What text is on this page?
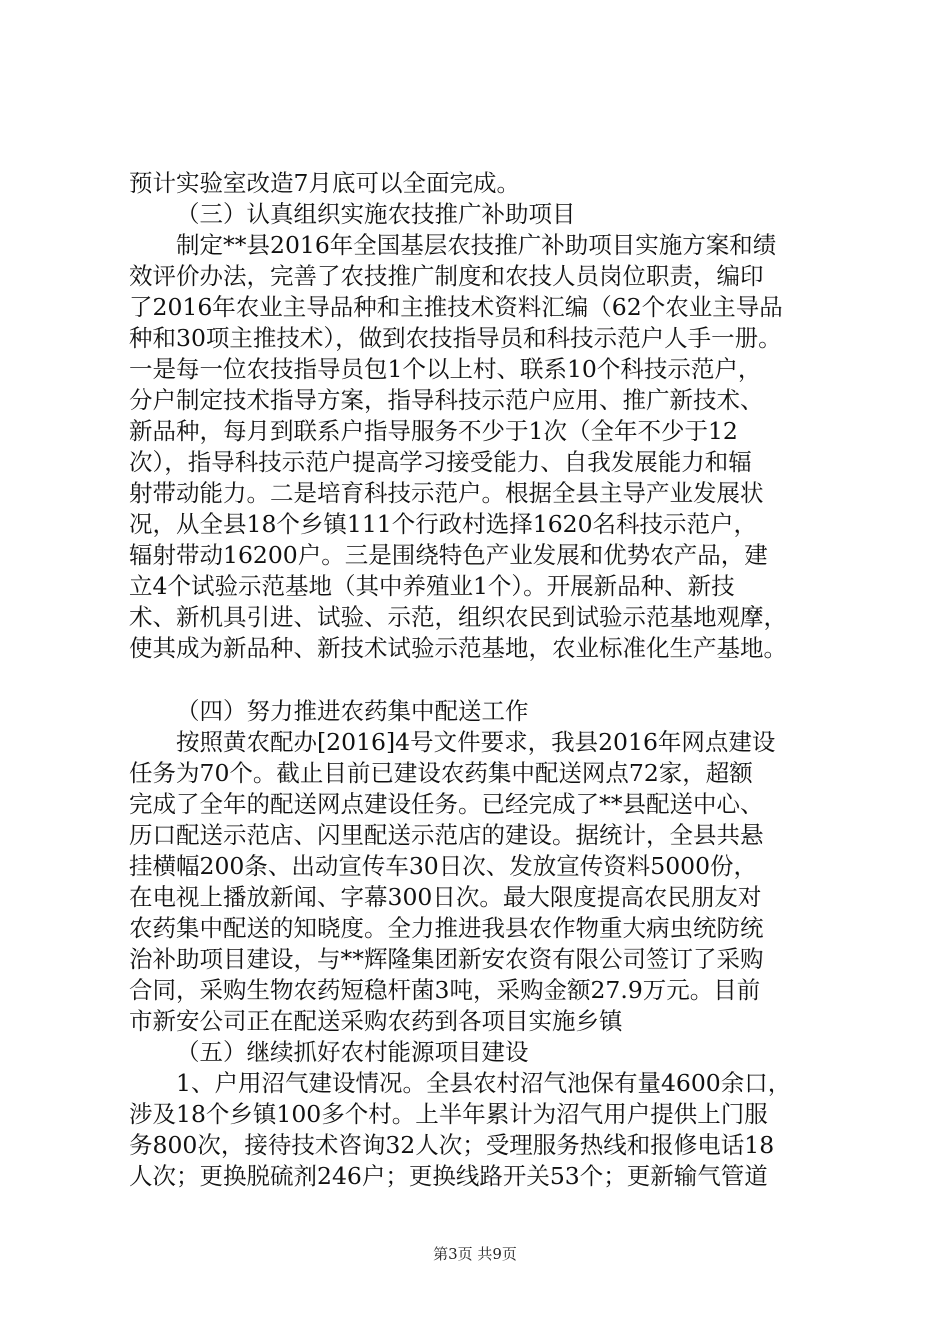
预计实验室改造7月底可以全面完成。
（三）认真组织实施农技推广补助项目
制定**县2016年全国基层农技推广补助项目实施方案和绩
效评价办法，完善了农技推广制度和农技人员岗位职责，编印
了2016年农业主导品种和主推技术资料汇编（62个农业主导品
种和30项主推技术），做到农技指导员和科技示范户人手一册。
一是每一位农技指导员包1个以上村、联系10个科技示范户，
分户制定技术指导方案，指导科技示范户应用、推广新技术、
新品种，每月到联系户指导服务不少于1次（全年不少于12
次），指导科技示范户提高学习接受能力、自我发展能力和辐
射带动能力。二是培育科技示范户。根据全县主导产业发展状
况，从全县18个乡镇111个行政村选择1620名科技示范户，
辐射带动16200户。三是围绕特色产业发展和优势农产品，建
立4个试验示范基地（其中养殖业1个）。开展新品种、新技
术、新机具引进、试验、示范，组织农民到试验示范基地观摩，
使其成为新品种、新技术试验示范基地，农业标准化生产基地。
（四）努力推进农药集中配送工作
按照黄农配办[2016]4号文件要求，我县2016年网点建设
任务为70个。截止目前已建设农药集中配送网点72家，超额
完成了全年的配送网点建设任务。已经完成了**县配送中心、
历口配送示范店、闪里配送示范店的建设。据统计，全县共悬
挂横幅200条、出动宣传车30日次、发放宣传资料5000份，
在电视上播放新闻、字幕300日次。最大限度提高农民朋友对
农药集中配送的知晓度。全力推进我县农作物重大病虫统防统
治补助项目建设，与**辉隆集团新安农资有限公司签订了采购
合同，采购生物农药短稳杆菌3吨，采购金额27.9万元。目前
市新安公司正在配送采购农药到各项目实施乡镇
（五）继续抓好农村能源项目建设
1、户用沼气建设情况。全县农村沼气池保有量4600余口，
涉及18个乡镇100多个村。上半年累计为沼气用户提供上门服
务800次，接待技术咨询32人次；受理服务热线和报修电话18
人次；更换脱硫剂246户；更换线路开关53个；更新输气管道
第3页 共9页
